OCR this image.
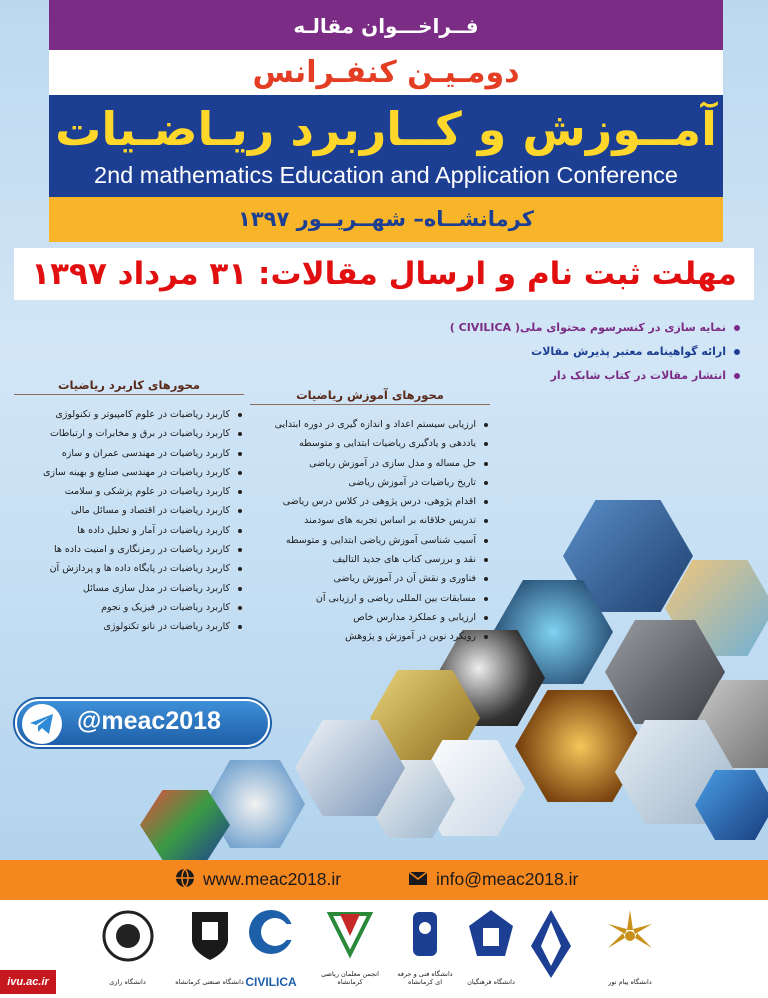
فــراخـــوان مقالـه
دومـیـن کنفـرانس
آمــوزش و کــاربرد ریـاضـیات
2nd mathematics Education and Application Conference
کرمانشــاه– شهــریــور ۱۳۹۷
مهلت ثبت نام و ارسال مقالات: ۳۱ مرداد ۱۳۹۷
نمایه سازی در کنسرسوم محتوای ملی( CIVILICA )
ارائه گواهینامه معتبر پذیرش مقالات
انتشار مقالات در کتاب شابک دار
محورهای آموزش ریاضیات
ارزیابی سیستم اعداد و اندازه گیری در دوره ابتدایی
یاددهی و یادگیری ریاضیات ابتدایی و متوسطه
حل مساله و مدل سازی در آموزش ریاضی
تاریخ ریاضیات در آموزش ریاضی
اقدام پژوهی، درس پژوهی در کلاس درس ریاضی
تدریس خلاقانه بر اساس تجربه های سودمند
آسیب شناسی آموزش ریاضی ابتدایی و متوسطه
نقد و بررسی کتاب های جدید التالیف
فناوری و نقش آن در آموزش ریاضی
مسابقات بین المللی ریاضی و ارزیابی آن
ارزیابی و عملکرد مدارس خاص
رویکرد نوین در آموزش و پژوهش
محورهای کاربرد ریاضیات
کاربرد ریاضیات در علوم کامپیوتر و تکنولوژی
کاربرد ریاضیات در برق و مخابرات و ارتباطات
کاربرد ریاضیات در مهندسی عمران و سازه
کاربرد ریاضیات در مهندسی صنایع و بهینه سازی
کاربرد ریاضیات در علوم پزشکی و سلامت
کاربرد ریاضیات در اقتصاد و مسائل مالی
کاربرد ریاضیات در آمار و تحلیل داده ها
کاربرد ریاضیات در رمزنگاری و امنیت داده ها
کاربرد ریاضیات در پایگاه داده ها و پردازش آن
کاربرد ریاضیات در مدل سازی مسائل
کاربرد ریاضیات در فیزیک و نجوم
کاربرد ریاضیات در نانو تکنولوژی
@meac2018
www.meac2018.ir	info@meac2018.ir
دانشگاه رازی	دانشگاه صنعتی کرمانشاه CIVILICA
انجمن معلمان ریاضی کرمانشاه
دانشگاه فنی و حرفه ای کرمانشاه	دانشگاه فرهنگیان	دانشگاه پیام نور
ivu.ac.ir
